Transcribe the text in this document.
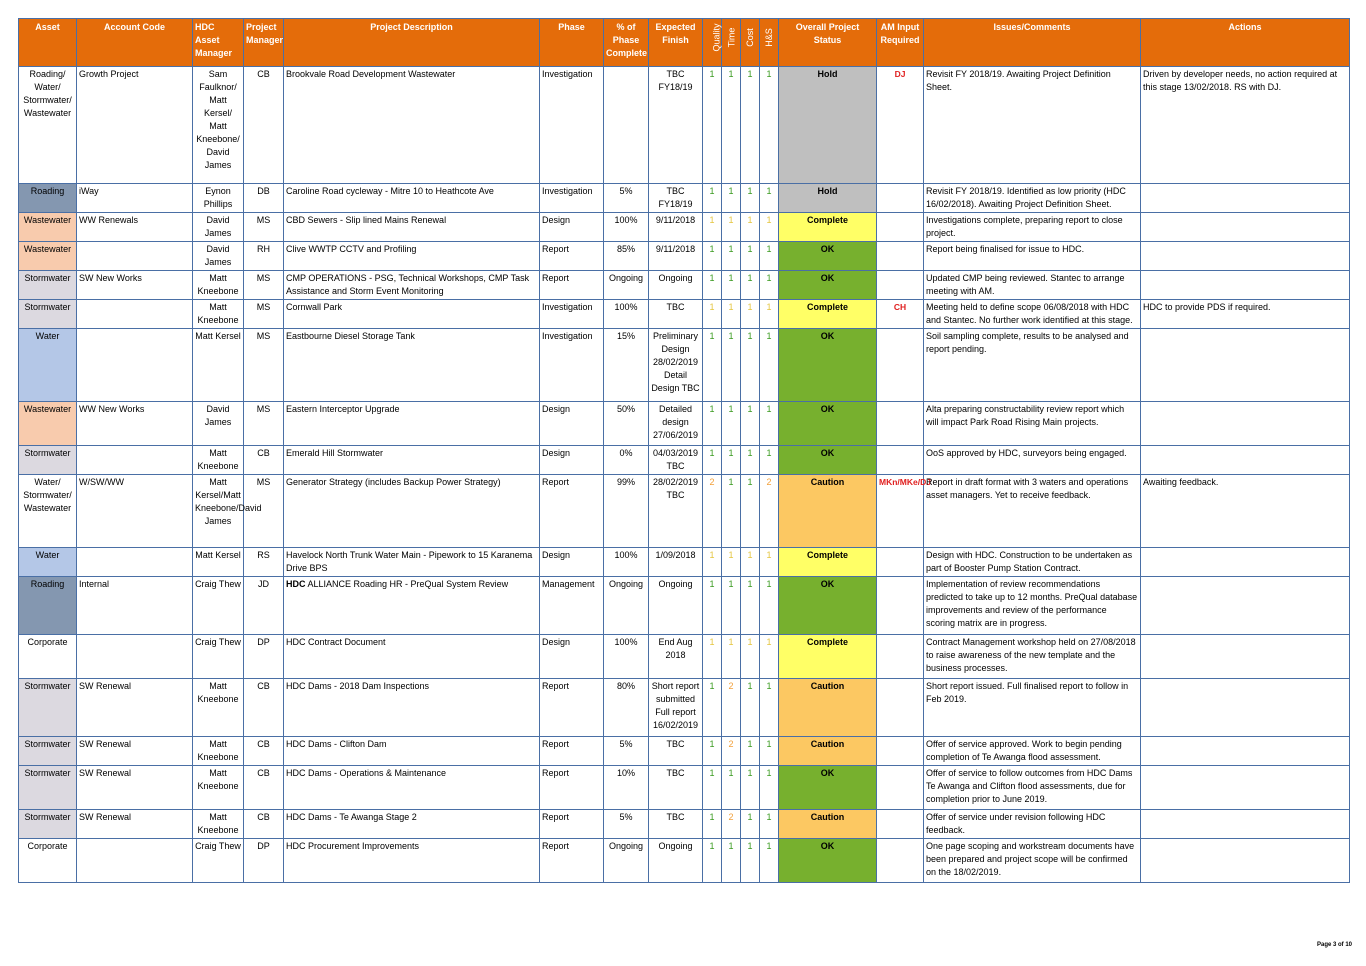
Asset	Account Code	HDC Asset Manager	Project Manager	Project Description	Phase	% of Phase Complete	Expected Finish	Quality	Time	Cost	H&S	Overall Project Status	AM Input Required	Issues/Comments	Actions
Roading/ Water/ Stormwater/ Wastewater	Growth Project	Sam Faulknor/ Matt Kersel/ Matt Kneebone/ David James	CB	Brookvale Road Development Wastewater	Investigation		TBC FY18/19	1	1	1	1	Hold	DJ	Revisit FY 2018/19. Awaiting Project Definition Sheet.	Driven by developer needs, no action required at this stage 13/02/2018. RS with DJ.
Roading	iWay	Eynon Phillips	DB	Caroline Road cycleway - Mitre 10 to Heathcote Ave	Investigation	5%	TBC FY18/19	1	1	1	1	Hold		Revisit FY 2018/19. Identified as low priority (HDC 16/02/2018). Awaiting Project Definition Sheet.	
Wastewater	WW Renewals	David James	MS	CBD Sewers - Slip lined Mains Renewal	Design	100%	9/11/2018	1	1	1	1	Complete		Investigations complete, preparing report to close project.	
Wastewater		David James	RH	Clive WWTP CCTV and Profiling	Report	85%	9/11/2018	1	1	1	1	OK		Report being finalised for issue to HDC.	
Stormwater	SW New Works	Matt Kneebone	MS	CMP OPERATIONS - PSG, Technical Workshops, CMP Task Assistance and Storm Event Monitoring	Report	Ongoing	Ongoing	1	1	1	1	OK		Updated CMP being reviewed. Stantec to arrange meeting with AM.	
Stormwater		Matt Kneebone	MS	Cornwall Park	Investigation	100%	TBC	1	1	1	1	Complete	CH	Meeting held to define scope 06/08/2018 with HDC and Stantec. No further work identified at this stage.	HDC to provide PDS if required.
Water		Matt Kersel	MS	Eastbourne Diesel Storage Tank	Investigation	15%	Preliminary Design 28/02/2019 Detail Design TBC	1	1	1	1	OK		Soil sampling complete, results to be analysed and report pending.	
Wastewater	WW New Works	David James	MS	Eastern Interceptor Upgrade	Design	50%	Detailed design 27/06/2019	1	1	1	1	OK		Alta preparing constructability review report which will impact Park Road Rising Main projects.	
Stormwater		Matt Kneebone	CB	Emerald Hill Stormwater	Design	0%	04/03/2019 TBC	1	1	1	1	OK		OoS approved by HDC, surveyors being engaged.	
Water/ Stormwater/ Wastewater	W/SW/WW	Matt Kersel/Matt Kneebone/David James	MS	Generator Strategy (includes Backup Power Strategy)	Report	99%	28/02/2019 TBC	2	1	1	2	Caution	MKn/MKe/DJ	Report in draft format with 3 waters and operations asset managers. Yet to receive feedback.	Awaiting feedback.
Water		Matt Kersel	RS	Havelock North Trunk Water Main - Pipework to 15 Karanema Drive BPS	Design	100%	1/09/2018	1	1	1	1	Complete		Design with HDC. Construction to be undertaken as part of Booster Pump Station Contract.	
Roading	Internal	Craig Thew	JD	HDC ALLIANCE Roading HR - PreQual System Review	Management	Ongoing	Ongoing	1	1	1	1	OK		Implementation of review recommendations predicted to take up to 12 months. PreQual database improvements and review of the performance scoring matrix are in progress.	
Corporate		Craig Thew	DP	HDC Contract Document	Design	100%	End Aug 2018	1	1	1	1	Complete		Contract Management workshop held on 27/08/2018 to raise awareness of the new template and the business processes.	
Stormwater	SW Renewal	Matt Kneebone	CB	HDC Dams - 2018 Dam Inspections	Report	80%	Short report submitted Full report 16/02/2019	1	2	1	1	Caution		Short report issued. Full finalised report to follow in Feb 2019.	
Stormwater	SW Renewal	Matt Kneebone	CB	HDC Dams - Clifton Dam	Report	5%	TBC	1	2	1	1	Caution		Offer of service approved. Work to begin pending completion of Te Awanga flood assessment.	
Stormwater	SW Renewal	Matt Kneebone	CB	HDC Dams - Operations & Maintenance	Report	10%	TBC	1	1	1	1	OK		Offer of service to follow outcomes from HDC Dams Te Awanga and Clifton flood assessments, due for completion prior to June 2019.	
Stormwater	SW Renewal	Matt Kneebone	CB	HDC Dams - Te Awanga Stage 2	Report	5%	TBC	1	2	1	1	Caution		Offer of service under revision following HDC feedback.	
Corporate		Craig Thew	DP	HDC Procurement Improvements	Report	Ongoing	Ongoing	1	1	1	1	OK		One page scoping and workstream documents have been prepared and project scope will be confirmed on the 18/02/2019.	
Page 3 of 10
